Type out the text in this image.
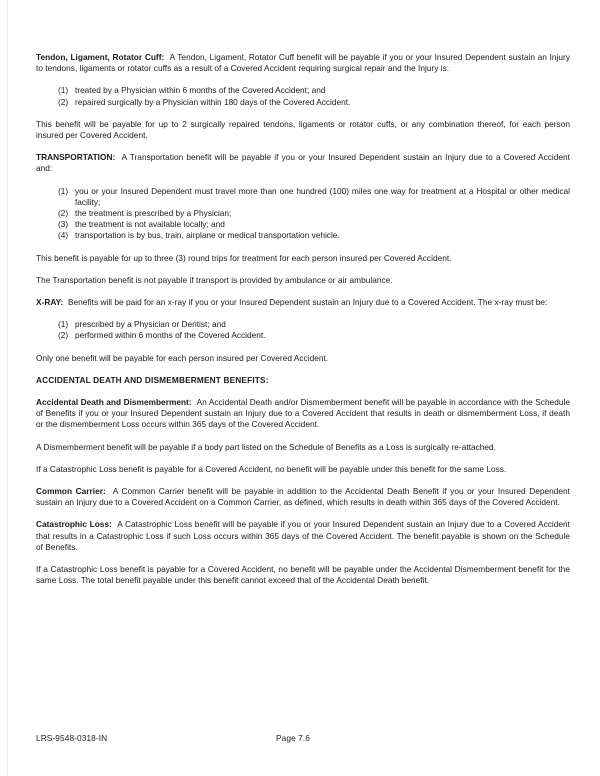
Tendon, Ligament, Rotator Cuff: A Tendon, Ligament, Rotator Cuff benefit will be payable if you or your Insured Dependent sustain an Injury to tendons, ligaments or rotator cuffs as a result of a Covered Accident requiring surgical repair and the Injury is:

(1) treated by a Physician within 6 months of the Covered Accident; and
(2) repaired surgically by a Physician within 180 days of the Covered Accident.

This benefit will be payable for up to 2 surgically repaired tendons, ligaments or rotator cuffs, or any combination thereof, for each person insured per Covered Accident.

TRANSPORTATION: A Transportation benefit will be payable if you or your Insured Dependent sustain an Injury due to a Covered Accident and:

(1) you or your Insured Dependent must travel more than one hundred (100) miles one way for treatment at a Hospital or other medical facility;
(2) the treatment is prescribed by a Physician;
(3) the treatment is not available locally; and
(4) transportation is by bus, train, airplane or medical transportation vehicle.

This benefit is payable for up to three (3) round trips for treatment for each person insured per Covered Accident.

The Transportation benefit is not payable if transport is provided by ambulance or air ambulance.

X-RAY: Benefits will be paid for an x-ray if you or your Insured Dependent sustain an Injury due to a Covered Accident. The x-ray must be:

(1) prescribed by a Physician or Dentist; and
(2) performed within 6 months of the Covered Accident.

Only one benefit will be payable for each person insured per Covered Accident.

ACCIDENTAL DEATH AND DISMEMBERMENT BENEFITS:

Accidental Death and Dismemberment: An Accidental Death and/or Dismemberment benefit will be payable in accordance with the Schedule of Benefits if you or your Insured Dependent sustain an Injury due to a Covered Accident that results in death or dismemberment Loss, if death or the dismemberment Loss occurs within 365 days of the Covered Accident.

A Dismemberment benefit will be payable if a body part listed on the Schedule of Benefits as a Loss is surgically re-attached.

If a Catastrophic Loss benefit is payable for a Covered Accident, no benefit will be payable under this benefit for the same Loss.

Common Carrier: A Common Carrier benefit will be payable in addition to the Accidental Death Benefit if you or your Insured Dependent sustain an Injury due to a Covered Accident on a Common Carrier, as defined, which results in death within 365 days of the Covered Accident.

Catastrophic Loss: A Catastrophic Loss benefit will be payable if you or your Insured Dependent sustain an Injury due to a Covered Accident that results in a Catastrophic Loss if such Loss occurs within 365 days of the Covered Accident. The benefit payable is shown on the Schedule of Benefits.

If a Catastrophic Loss benefit is payable for a Covered Accident, no benefit will be payable under the Accidental Dismemberment benefit for the same Loss. The total benefit payable under this benefit cannot exceed that of the Accidental Death benefit.

LRS-9548-0318-IN	Page 7.6
